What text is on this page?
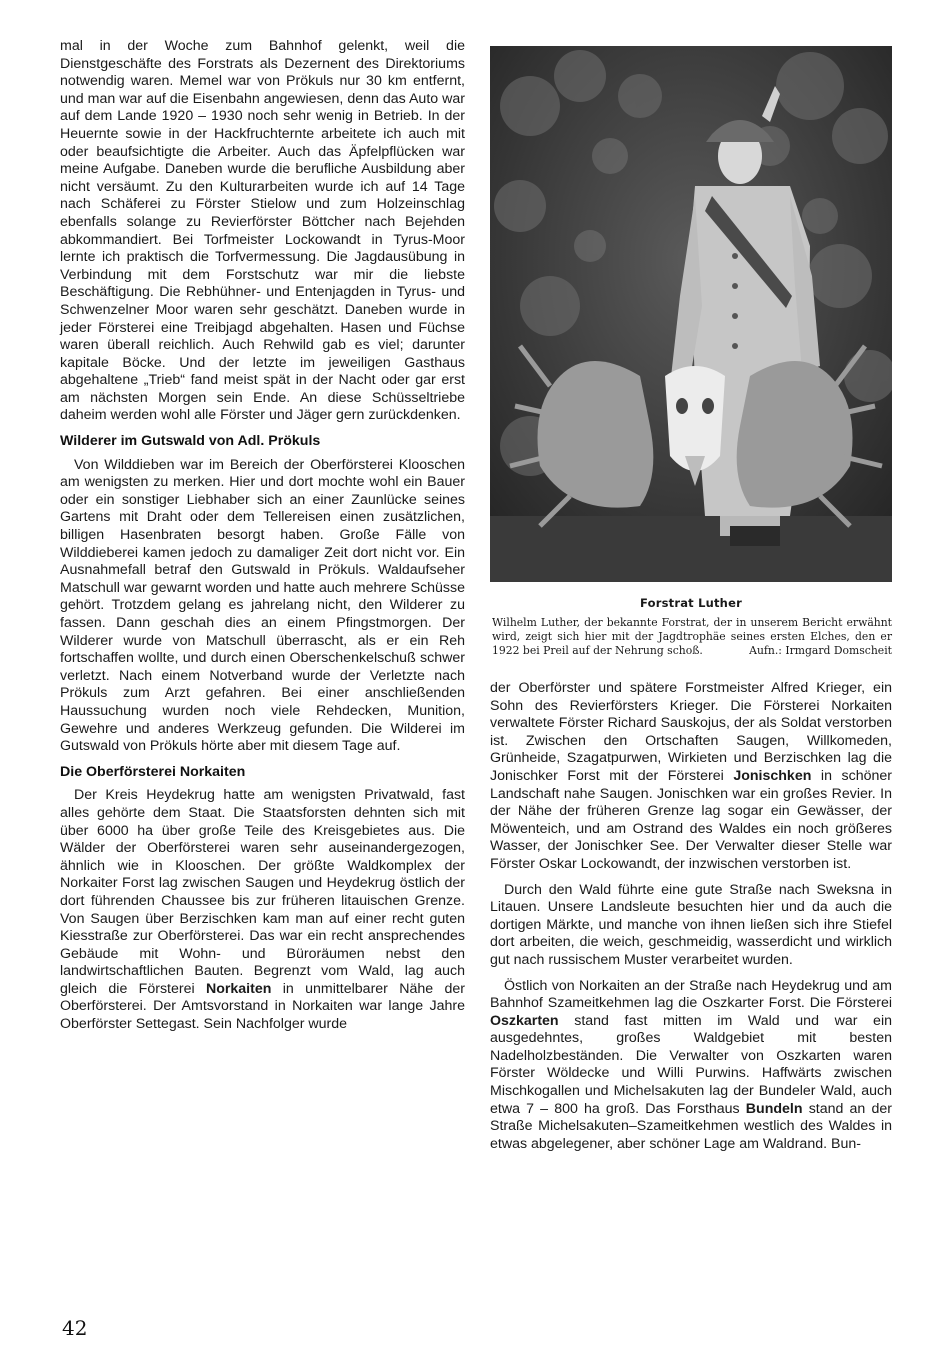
mal in der Woche zum Bahnhof gelenkt, weil die Dienstgeschäfte des Forstrats als Dezernent des Direktoriums notwendig waren. Memel war von Prökuls nur 30 km entfernt, und man war auf die Eisenbahn angewiesen, denn das Auto war auf dem Lande 1920 – 1930 noch sehr wenig in Betrieb. In der Heuernte sowie in der Hackfruchternte arbeitete ich auch mit oder beaufsichtigte die Arbeiter. Auch das Äpfelpflücken war meine Aufgabe. Daneben wurde die berufliche Ausbildung aber nicht versäumt. Zu den Kulturarbeiten wurde ich auf 14 Tage nach Schäferei zu Förster Stielow und zum Holzeinschlag ebenfalls solange zu Revierförster Böttcher nach Bejehden abkommandiert. Bei Torfmeister Lockowandt in Tyrus-Moor lernte ich praktisch die Torfvermessung. Die Jagdausübung in Verbindung mit dem Forstschutz war mir die liebste Beschäftigung. Die Rebhühner- und Entenjagden in Tyrus- und Schwenzelner Moor waren sehr geschätzt. Daneben wurde in jeder Försterei eine Treibjagd abgehalten. Hasen und Füchse waren überall reichlich. Auch Rehwild gab es viel; darunter kapitale Böcke. Und der letzte im jeweiligen Gasthaus abgehaltene „Trieb“ fand meist spät in der Nacht oder gar erst am nächsten Morgen sein Ende. An diese Schüsseltriebe daheim werden wohl alle Förster und Jäger gern zurückdenken.

Wilderer im Gutswald von Adl. Prökuls

Von Wilddieben war im Bereich der Oberförsterei Klooschen am wenigsten zu merken. Hier und dort mochte wohl ein Bauer oder ein sonstiger Liebhaber sich an einer Zaunlücke seines Gartens mit Draht oder dem Tellereisen einen zusätzlichen, billigen Hasenbraten besorgt haben. Große Fälle von Wilddieberei kamen jedoch zu damaliger Zeit dort nicht vor. Ein Ausnahmefall betraf den Gutswald in Prökuls. Waldaufseher Matschull war gewarnt worden und hatte auch mehrere Schüsse gehört. Trotzdem gelang es jahrelang nicht, den Wilderer zu fassen. Dann geschah dies an einem Pfingstmorgen. Der Wilderer wurde von Matschull überrascht, als er ein Reh fortschaffen wollte, und durch einen Oberschenkelschuß schwer verletzt. Nach einem Notverband wurde der Verletzte nach Prökuls zum Arzt gefahren. Bei einer anschließenden Haussuchung wurden noch viele Rehdecken, Munition, Gewehre und anderes Werkzeug gefunden. Die Wilderei im Gutswald von Prökuls hörte aber mit diesem Tage auf.

Die Oberförsterei Norkaiten

Der Kreis Heydekrug hatte am wenigsten Privatwald, fast alles gehörte dem Staat. Die Staatsforsten dehnten sich mit über 6000 ha über große Teile des Kreisgebietes aus. Die Wälder der Oberförsterei waren sehr auseinandergezogen, ähnlich wie in Klooschen. Der größte Waldkomplex der Norkaiter Forst lag zwischen Saugen und Heydekrug östlich der dort führenden Chaussee bis zur früheren litauischen Grenze. Von Saugen über Berzischken kam man auf einer recht guten Kiesstraße zur Oberförsterei. Das war ein recht ansprechendes Gebäude mit Wohn- und Büroräumen nebst den landwirtschaftlichen Bauten. Begrenzt vom Wald, lag auch gleich die Försterei Norkaiten in unmittelbarer Nähe der Oberförsterei. Der Amtsvorstand in Norkaiten war lange Jahre Oberförster Settegast. Sein Nachfolger wurde

Forstrat Luther

Wilhelm Luther, der bekannte Forstrat, der in unserem Bericht erwähnt wird, zeigt sich hier mit der Jagdtrophäe seines ersten Elches, den er 1922 bei Preil auf der Nehrung schoß.	Aufn.: Irmgard Domscheit

der Oberförster und spätere Forstmeister Alfred Krieger, ein Sohn des Revierförsters Krieger. Die Försterei Norkaiten verwaltete Förster Richard Sauskojus, der als Soldat verstorben ist. Zwischen den Ortschaften Saugen, Willkomeden, Grünheide, Szagatpurwen, Wirkieten und Berzischken lag die Jonischker Forst mit der Försterei Jonischken in schöner Landschaft nahe Saugen. Jonischken war ein großes Revier. In der Nähe der früheren Grenze lag sogar ein Gewässer, der Möwenteich, und am Ostrand des Waldes ein noch größeres Wasser, der Jonischker See. Der Verwalter dieser Stelle war Förster Oskar Lockowandt, der inzwischen verstorben ist.

Durch den Wald führte eine gute Straße nach Sweksna in Litauen. Unsere Landsleute besuchten hier und da auch die dortigen Märkte, und manche von ihnen ließen sich ihre Stiefel dort arbeiten, die weich, geschmeidig, wasserdicht und wirklich gut nach russischem Muster verarbeitet wurden.

Östlich von Norkaiten an der Straße nach Heydekrug und am Bahnhof Szameitkehmen lag die Oszkarter Forst. Die Försterei Oszkarten stand fast mitten im Wald und war ein ausgedehntes, großes Waldgebiet mit besten Nadelholzbeständen. Die Verwalter von Oszkarten waren Förster Wöldecke und Willi Purwins. Haffwärts zwischen Mischkogallen und Michelsakuten lag der Bundeler Wald, auch etwa 7 – 800 ha groß. Das Forsthaus Bundeln stand an der Straße Michelsakuten–Szameitkehmen westlich des Waldes in etwas abgelegener, aber schöner Lage am Waldrand. Bun-

42
